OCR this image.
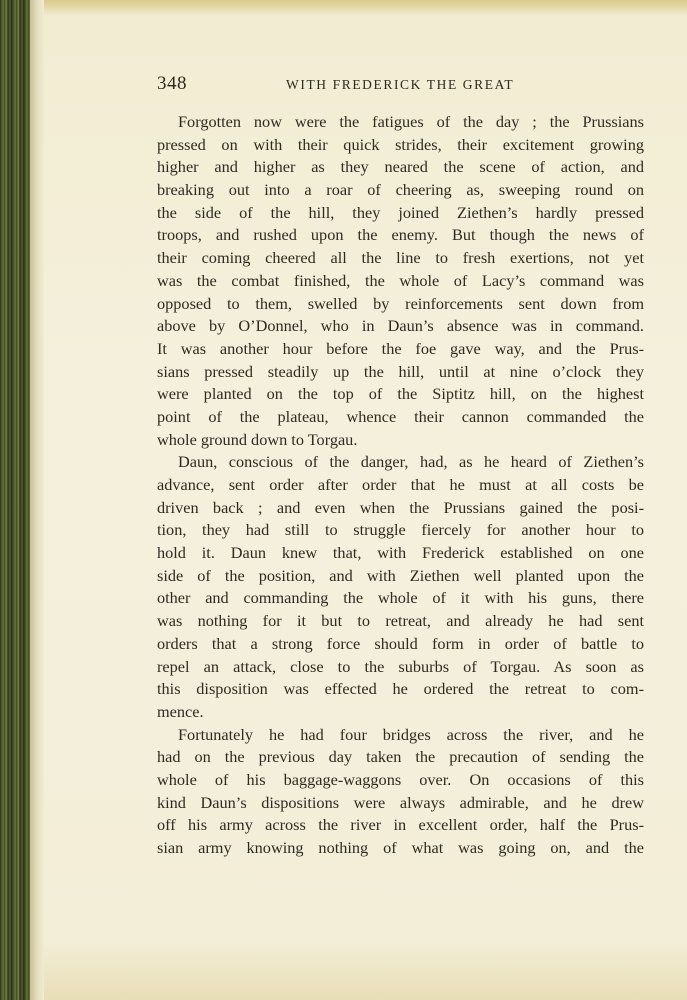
348	WITH FREDERICK THE GREAT
Forgotten now were the fatigues of the day ; the Prussians
pressed on with their quick strides, their excitement growing
higher and higher as they neared the scene of action, and
breaking out into a roar of cheering as, sweeping round on
the side of the hill, they joined Ziethen’s hardly pressed
troops, and rushed upon the enemy. But though the news of
their coming cheered all the line to fresh exertions, not yet
was the combat finished, the whole of Lacy’s command was
opposed to them, swelled by reinforcements sent down from
above by O’Donnel, who in Daun’s absence was in command.
It was another hour before the foe gave way, and the Prus-
sians pressed steadily up the hill, until at nine o’clock they
were planted on the top of the Siptitz hill, on the highest
point of the plateau, whence their cannon commanded the
whole ground down to Torgau.
Daun, conscious of the danger, had, as he heard of Ziethen’s
advance, sent order after order that he must at all costs be
driven back ; and even when the Prussians gained the posi-
tion, they had still to struggle fiercely for another hour to
hold it. Daun knew that, with Frederick established on one
side of the position, and with Ziethen well planted upon the
other and commanding the whole of it with his guns, there
was nothing for it but to retreat, and already he had sent
orders that a strong force should form in order of battle to
repel an attack, close to the suburbs of Torgau. As soon as
this disposition was effected he ordered the retreat to com-
mence.
Fortunately he had four bridges across the river, and he
had on the previous day taken the precaution of sending the
whole of his baggage-waggons over. On occasions of this
kind Daun’s dispositions were always admirable, and he drew
off his army across the river in excellent order, half the Prus-
sian army knowing nothing of what was going on, and the
